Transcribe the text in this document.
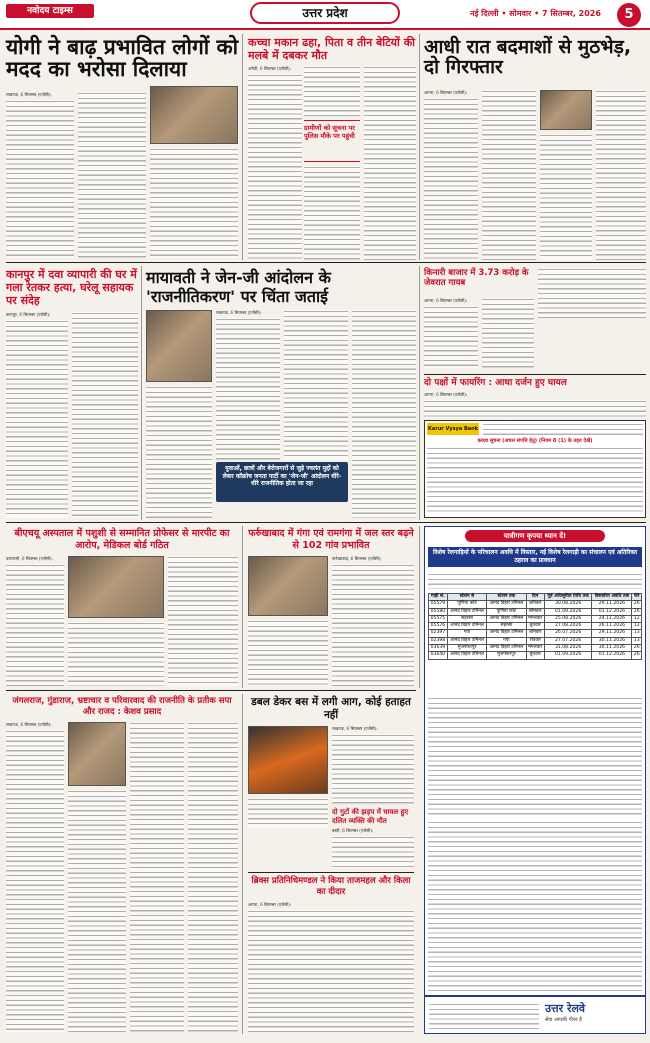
नवोदय टाइम्स	उत्तर प्रदेश	नई दिल्ली • सोमवार • 7 सितम्बर, 2026	5
योगी ने बाढ़ प्रभावित लोगों को मदद का भरोसा दिलाया
लखनऊ, 6 सितम्बर (एजेंसी):
कच्चा मकान ढहा, पिता व तीन बेटियों की मलबे में दबकर मौत
अमेठी, 6 सितम्बर (एजेंसी):
ग्रामीणों को सूचना पर पुलिस मौके पर पहुंची
आधी रात बदमाशों से मुठभेड़, दो गिरफ्तार
आगरा, 6 सितम्बर (एजेंसी):
कानपुर में दवा व्यापारी की घर में गला रेतकर हत्या, घरेलू सहायक पर संदेह
कानपुर, 6 सितम्बर (एजेंसी):
मायावती ने जेन-जी आंदोलन के 'राजनीतिकरण' पर चिंता जताई
लखनऊ, 6 सितम्बर (एजेंसी):
युवाओं, छात्रों और बेरोजगारों से जुड़े ज्वलंत मुद्दों को लेकर कॉक्रोच जनता पार्टी का 'जेन-जी' आंदोलन धीरे-धीरे राजनीतिक होता जा रहा
किनारी बाजार में 3.73 करोड़ के जेवरात गायब
आगरा, 6 सितम्बर (एजेंसी):
दो पक्षों में फायरिंग : आधा दर्जन हुए घायल
आगरा, 6 सितम्बर (एजेंसी):
Karur Vysya Bank
कब्ज़ा सूचना (अचल संपत्ति हेतु) (नियम 8 (1) के तहत देखें)
बीएचयू अस्पताल में पशुशी से सम्मानित प्रोफेसर से मारपीट का आरोप, मेडिकल बोर्ड गठित
वाराणसी, 6 सितम्बर (एजेंसी):
फर्रुखाबाद में गंगा एवं रामगंगा में जल स्तर बढ़ने से 102 गांव प्रभावित
फर्रुखाबाद, 6 सितम्बर (एजेंसी):
जंगलराज, गुंडाराज, भ्रष्टाचार व परिवारवाद की राजनीति के प्रतीक सपा और राजद : केशव प्रसाद
लखनऊ, 6 सितम्बर (एजेंसी):
डबल डेकर बस में लगी आग, कोई हताहत नहीं
लखनऊ, 6 सितम्बर (एजेंसी):
दो गुटों की झड़प में घायल हुए दलित व्यक्ति की मौत
बस्ती, 6 सितम्बर (एजेंसी):
ब्रिक्स प्रतिनिधिमण्डल ने किया ताजमहल और किला का दीदार
आगरा, 6 सितम्बर (एजेंसी):
यात्रीगण कृपया ध्यान दें!
विशेष रेलगाड़ियों के परिचालन अवधि में विस्तार, नई विशेष रेलगाड़ी का संचालन एवं अतिरिक्त ठहराव का प्रावधान
गाड़ी सं.	स्टेशन से	स्टेशन तक	दिन	पूर्व अधिसूचित तिथि तक	विस्तारित अवधि तक	फेरे
05579	पूर्णिया कोर्ट	आनंद विहार टर्मिनल	शनिवार	30.08.2026	29.11.2026	26
05580	आनंद विहार टर्मिनल	पूर्णिया कोर्ट	सोमवार	01.09.2026	01.12.2026	26
05575	सहरसा	आनंद विहार टर्मिनल	मंगलवार	25.08.2026	24.11.2026	12
05576	आनंद विहार टर्मिनल	सहरसा	बुधवार	27.08.2026	26.11.2026	12
02397	गया	आनंद विहार टर्मिनल	शनिवार	26.07.2026	29.11.2026	13
02398	आनंद विहार टर्मिनल	गया	रविवार	27.07.2026	30.11.2026	13
03639	मुजफ्फरपुर	आनंद विहार टर्मिनल	मंगलवार	31.08.2026	30.11.2026	26
03640	आनंद विहार टर्मिनल	मुजफ्फरपुर	बुधवार	01.09.2026	01.12.2026	26
उत्तर रेलवे
सेवा आपकी गौरव है
